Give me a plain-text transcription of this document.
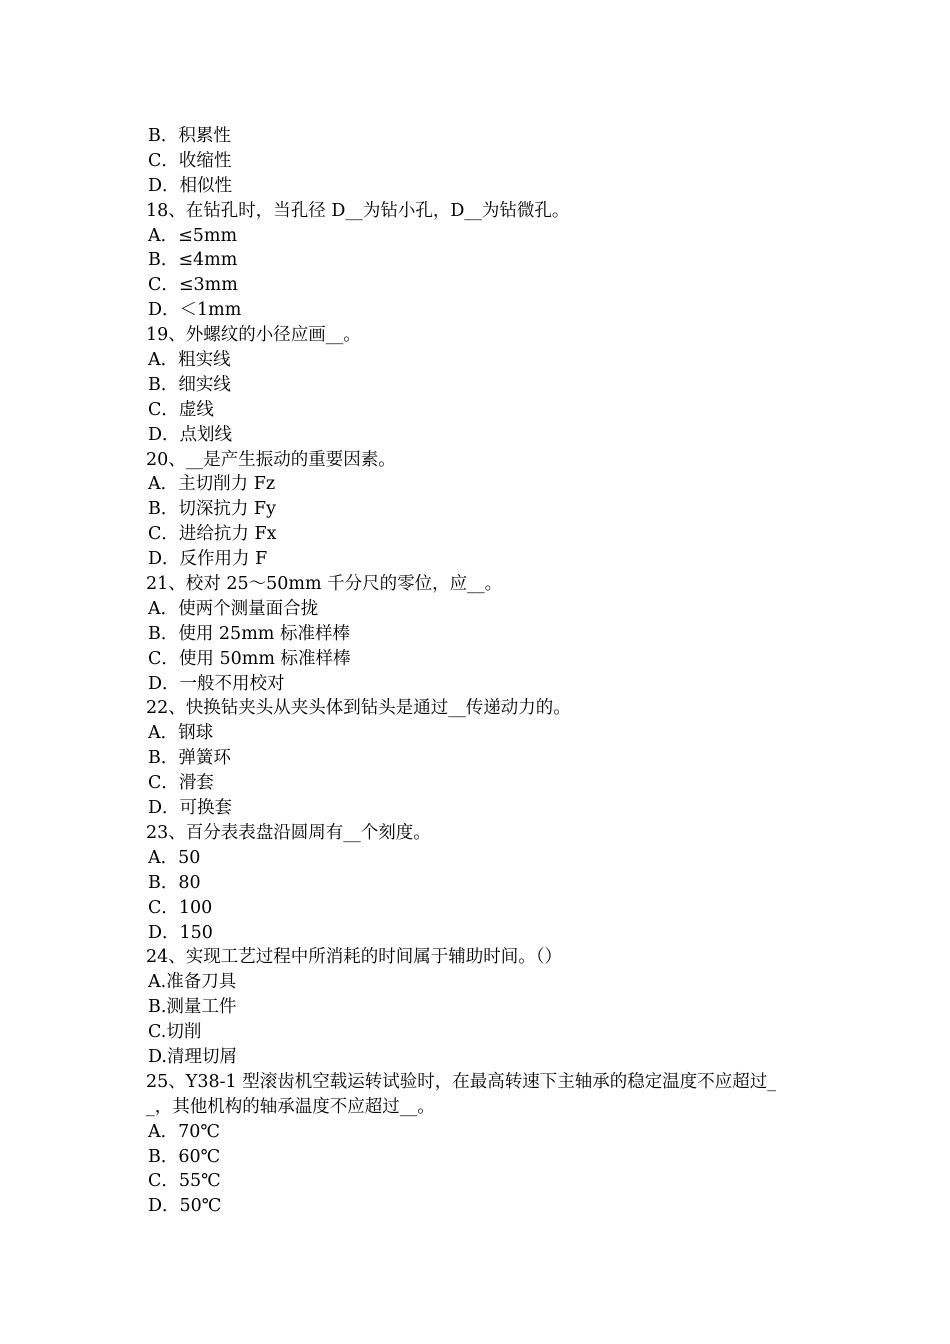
B．积累性
C．收缩性
D．相似性
18、在钻孔时，当孔径 D__为钻小孔，D__为钻微孔。
A．≤5mm
B．≤4mm
C．≤3mm
D．＜1mm
19、外螺纹的小径应画__。
A．粗实线
B．细实线
C．虚线
D．点划线
20、__是产生振动的重要因素。
A．主切削力 Fz
B．切深抗力 Fy
C．进给抗力 Fx
D．反作用力 F
21、校对 25～50mm 千分尺的零位，应__。
A．使两个测量面合拢
B．使用 25mm 标准样棒
C．使用 50mm 标准样棒
D．一般不用校对
22、快换钻夹头从夹头体到钻头是通过__传递动力的。
A．钢球
B．弹簧环
C．滑套
D．可换套
23、百分表表盘沿圆周有__个刻度。
A．50
B．80
C．100
D．150
24、实现工艺过程中所消耗的时间属于辅助时间。（）
A.准备刀具
B.测量工件
C.切削
D.清理切屑
25、Y38-1 型滚齿机空载运转试验时，在最高转速下主轴承的稳定温度不应超过_
_，其他机构的轴承温度不应超过__。
A．70℃
B．60℃
C．55℃
D．50℃
